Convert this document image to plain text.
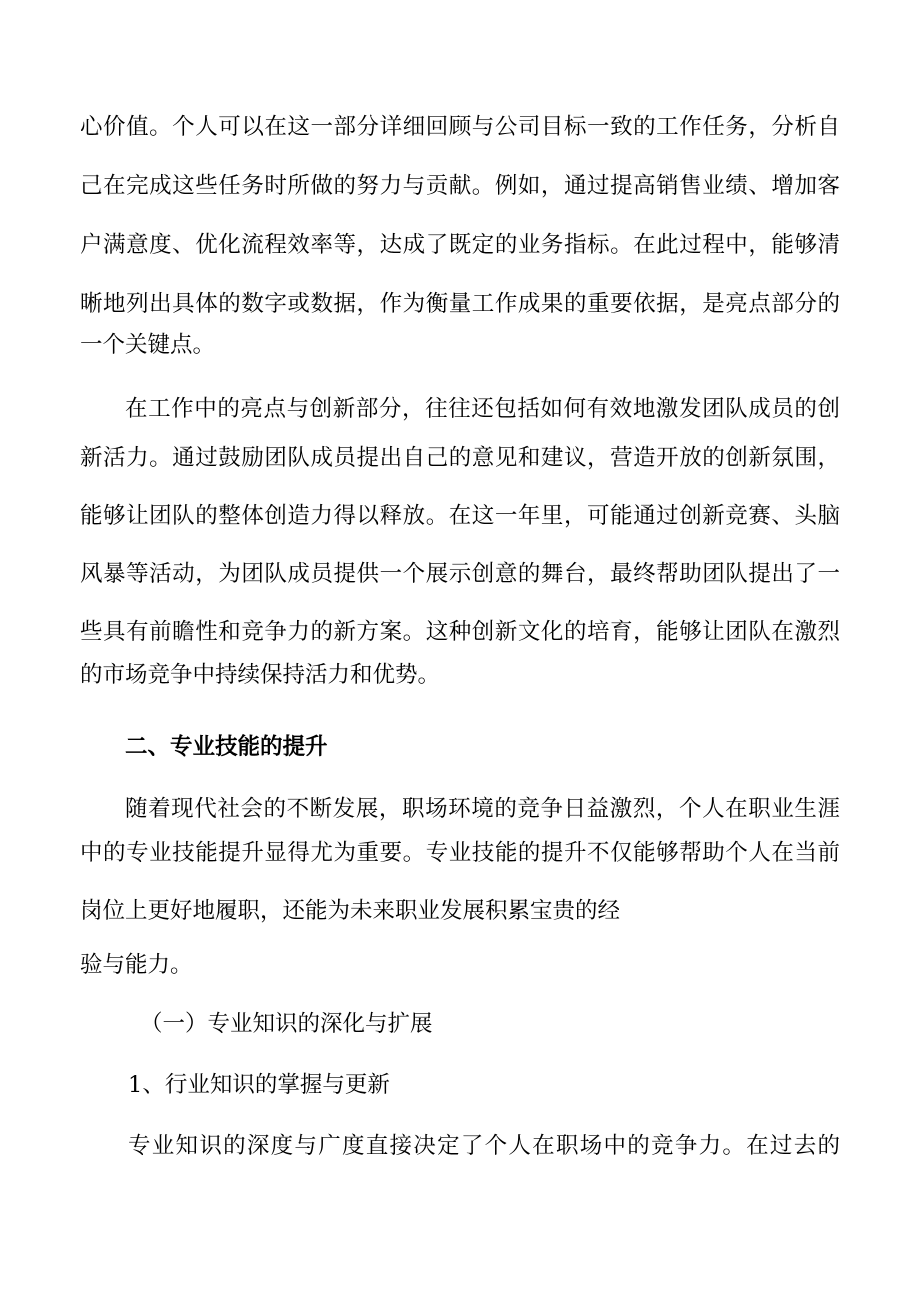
心价值。个人可以在这一部分详细回顾与公司目标一致的工作任务，分析自
己在完成这些任务时所做的努力与贡献。例如，通过提高销售业绩、增加客
户满意度、优化流程效率等，达成了既定的业务指标。在此过程中，能够清
晰地列出具体的数字或数据，作为衡量工作成果的重要依据，是亮点部分的
一个关键点。
在工作中的亮点与创新部分，往往还包括如何有效地激发团队成员的创
新活力。通过鼓励团队成员提出自己的意见和建议，营造开放的创新氛围，
能够让团队的整体创造力得以释放。在这一年里，可能通过创新竞赛、头脑
风暴等活动，为团队成员提供一个展示创意的舞台，最终帮助团队提出了一
些具有前瞻性和竞争力的新方案。这种创新文化的培育，能够让团队在激烈
的市场竞争中持续保持活力和优势。
二、专业技能的提升
随着现代社会的不断发展，职场环境的竞争日益激烈，个人在职业生涯
中的专业技能提升显得尤为重要。专业技能的提升不仅能够帮助个人在当前
岗位上更好地履职，还能为未来职业发展积累宝贵的经
验与能力。
（一）专业知识的深化与扩展
1、行业知识的掌握与更新
专业知识的深度与广度直接决定了个人在职场中的竞争力。在过去的
